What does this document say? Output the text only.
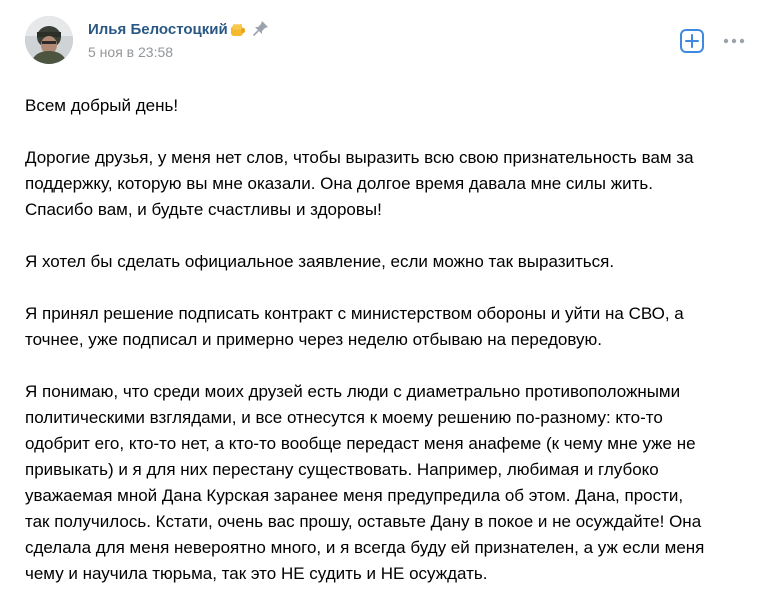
Илья Белостоцкий
5 ноя в 23:58

Всем добрый день!

Дорогие друзья, у меня нет слов, чтобы выразить всю свою признательность вам за
поддержку, которую вы мне оказали. Она долгое время давала мне силы жить.
Спасибо вам, и будьте счастливы и здоровы!

Я хотел бы сделать официальное заявление, если можно так выразиться.

Я принял решение подписать контракт с министерством обороны и уйти на СВО, а
точнее, уже подписал и примерно через неделю отбываю на передовую.

Я понимаю, что среди моих друзей есть люди с диаметрально противоположными
политическими взглядами, и все отнесутся к моему решению по-разному: кто-то
одобрит его, кто-то нет, а кто-то вообще передаст меня анафеме (к чему мне уже не
привыкать) и я для них перестану существовать. Например, любимая и глубоко
уважаемая мной Дана Курская заранее меня предупредила об этом. Дана, прости,
так получилось. Кстати, очень вас прошу, оставьте Дану в покое и не осуждайте! Она
сделала для меня невероятно много, и я всегда буду ей признателен, а уж если меня
чему и научила тюрьма, так это НЕ судить и НЕ осуждать.
